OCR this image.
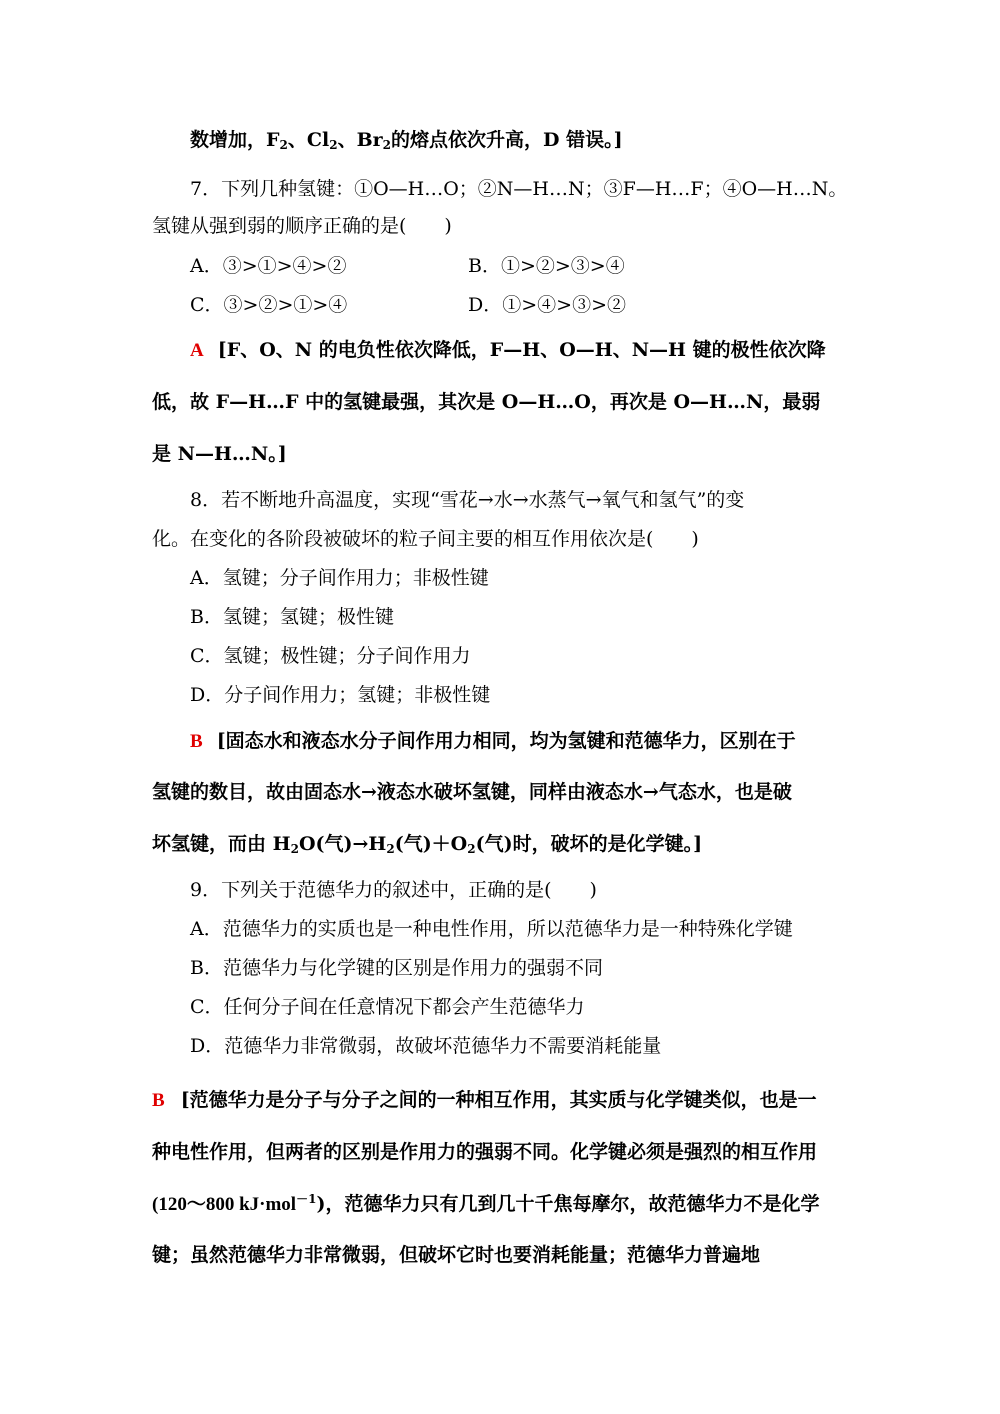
数增加，$F_2$、$Cl_2$、$Br_2$的熔点依次升高，D 错误。]
7．下列几种氢键：①O—H…O；②N—H…N；③F—H…F；④O—H…N。
氢键从强到弱的顺序正确的是(　　)
A．③>①>④>②	B．①>②>③>④
C．③>②>①>④	D．①>④>③>②
A [F、O、N 的电负性依次降低，F—H、O—H、N—H 键的极性依次降
低，故 F—H…F 中的氢键最强，其次是 O—H…O，再次是 O—H…N，最弱
是 N—H…N。]
8．若不断地升高温度，实现“雪花→水→水蒸气→氧气和氢气”的变
化。在变化的各阶段被破坏的粒子间主要的相互作用依次是(　　)
A．氢键；分子间作用力；非极性键
B．氢键；氢键；极性键
C．氢键；极性键；分子间作用力
D．分子间作用力；氢键；非极性键
B [固态水和液态水分子间作用力相同，均为氢键和范德华力，区别在于
氢键的数目，故由固态水→液态水破坏氢键，同样由液态水→气态水，也是破
坏氢键，而由 $H_2O$(气)$\to H_2$(气)$+O_2$(气)时，破坏的是化学键。]
9．下列关于范德华力的叙述中，正确的是(　　)
A．范德华力的实质也是一种电性作用，所以范德华力是一种特殊化学键
B．范德华力与化学键的区别是作用力的强弱不同
C．任何分子间在任意情况下都会产生范德华力
D．范德华力非常微弱，故破坏范德华力不需要消耗能量
B [范德华力是分子与分子之间的一种相互作用，其实质与化学键类似，也是一
种电性作用，但两者的区别是作用力的强弱不同。化学键必须是强烈的相互作用
(120～800 kJ·mol$^{-1}$)，范德华力只有几到几十千焦每摩尔，故范德华力不是化学
键；虽然范德华力非常微弱，但破坏它时也要消耗能量；范德华力普遍地
